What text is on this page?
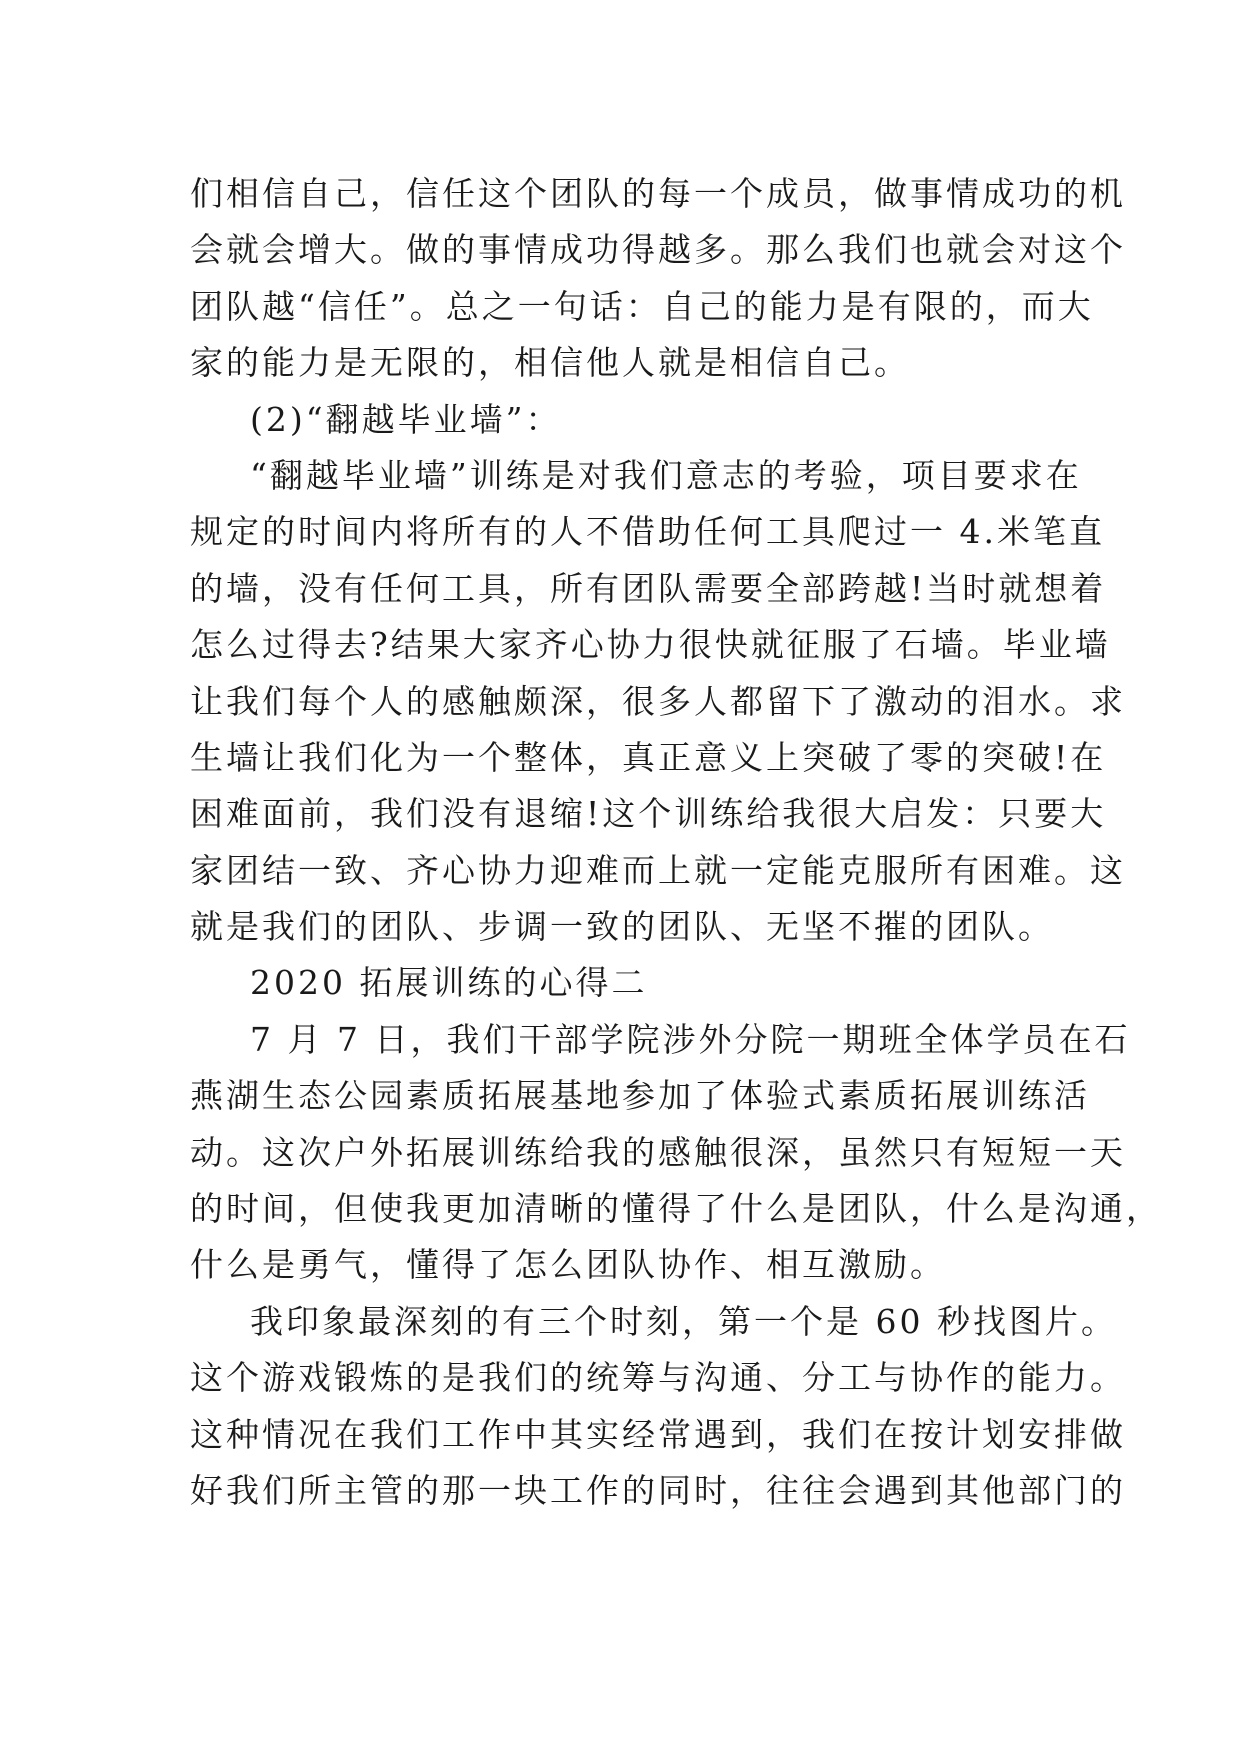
们相信自己，信任这个团队的每一个成员，做事情成功的机
会就会增大。做的事情成功得越多。那么我们也就会对这个
团队越“信任”。总之一句话：自己的能力是有限的，而大
家的能力是无限的，相信他人就是相信自己。
(2)“翻越毕业墙”：
“翻越毕业墙”训练是对我们意志的考验，项目要求在
规定的时间内将所有的人不借助任何工具爬过一 4.米笔直
的墙，没有任何工具，所有团队需要全部跨越!当时就想着
怎么过得去?结果大家齐心协力很快就征服了石墙。毕业墙
让我们每个人的感触颇深，很多人都留下了激动的泪水。求
生墙让我们化为一个整体，真正意义上突破了零的突破!在
困难面前，我们没有退缩!这个训练给我很大启发：只要大
家团结一致、齐心协力迎难而上就一定能克服所有困难。这
就是我们的团队、步调一致的团队、无坚不摧的团队。
2020 拓展训练的心得二
7 月 7 日，我们干部学院涉外分院一期班全体学员在石
燕湖生态公园素质拓展基地参加了体验式素质拓展训练活
动。这次户外拓展训练给我的感触很深，虽然只有短短一天
的时间，但使我更加清晰的懂得了什么是团队，什么是沟通，
什么是勇气，懂得了怎么团队协作、相互激励。
我印象最深刻的有三个时刻，第一个是 60 秒找图片。
这个游戏锻炼的是我们的统筹与沟通、分工与协作的能力。
这种情况在我们工作中其实经常遇到，我们在按计划安排做
好我们所主管的那一块工作的同时，往往会遇到其他部门的
